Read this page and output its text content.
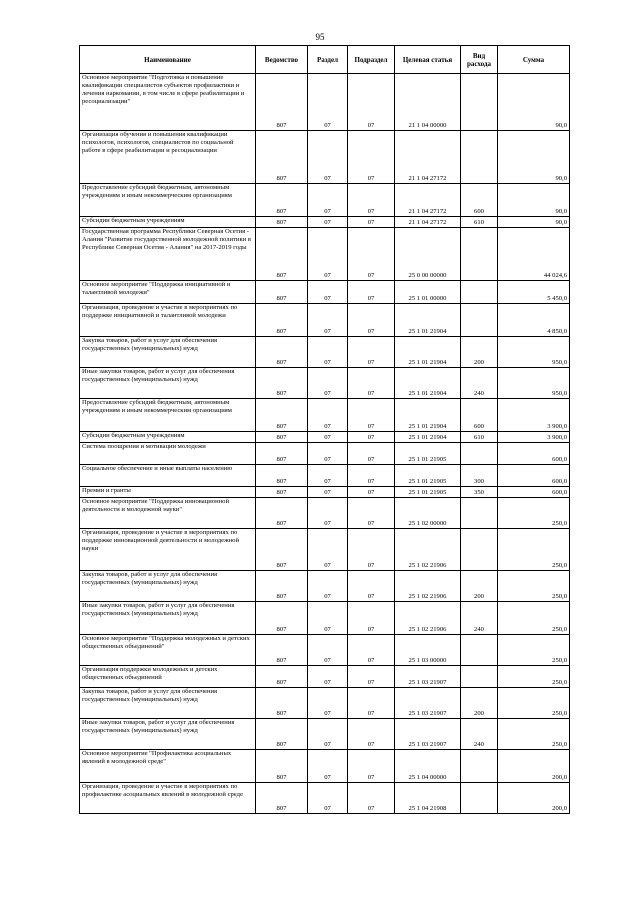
95
Наименование	Ведомство	Раздел	Подраздел	Целевая статья	Вид расхода	Сумма
Основное мероприятие "Подготовка и повышение квалификации специалистов субъектов профилактики и лечения наркомании, в том числе в сфере реабилитации и ресоциализации"	807	07	07	21 1 04 00000		90,0
Организация обучения и повышения квалификации психологов, психологов, специалистов по социальной работе в сфере реабилитации и ресоциализации	807	07	07	21 1 04 27172		90,0
Предоставление субсидий бюджетным, автономным учреждениям и иным некоммерческим организациям	807	07	07	21 1 04 27172	600	90,0
Субсидии бюджетным учреждениям	807	07	07	21 1 04 27172	610	90,0
Государственная программа Республики Северная Осетия - Алания "Развитие государственной молодежной политики в Республике Северная Осетия - Алания" на 2017-2019 годы	807	07	07	25 0 00 00000		44 024,6
Основное мероприятие "Поддержка инициативной и талантливой молодежи"	807	07	07	25 1 01 00000		5 450,0
Организация, проведение и участие в мероприятиях по поддержке инициативной и талантливой молодежи	807	07	07	25 1 01 21904		4 850,0
Закупка товаров, работ и услуг для обеспечения государственных (муниципальных) нужд	807	07	07	25 1 01 21904	200	950,0
Иные закупки товаров, работ и услуг для обеспечения государственных (муниципальных) нужд	807	07	07	25 1 01 21904	240	950,0
Предоставление субсидий бюджетным, автономным учреждениям и иным некоммерческим организациям	807	07	07	25 1 01 21904	600	3 900,0
Субсидии бюджетным учреждениям	807	07	07	25 1 01 21904	610	3 900,0
Система поощрения и мотивации молодежи	807	07	07	25 1 01 21905		600,0
Социальное обеспечение и иные выплаты населению	807	07	07	25 1 01 21905	300	600,0
Премии и гранты	807	07	07	25 1 01 21905	350	600,0
Основное мероприятие "Поддержка инновационной деятельности и молодежной науки"	807	07	07	25 1 02 00000		250,0
Организация, проведение и участие в мероприятиях по поддержке инновационной деятельности и молодежной науки	807	07	07	25 1 02 21906		250,0
Закупка товаров, работ и услуг для обеспечения государственных (муниципальных) нужд	807	07	07	25 1 02 21906	200	250,0
Иные закупки товаров, работ и услуг для обеспечения государственных (муниципальных) нужд	807	07	07	25 1 02 21906	240	250,0
Основное мероприятие "Поддержка молодежных и детских общественных объединений"	807	07	07	25 1 03 00000		250,0
Организация поддержки молодежных и детских общественных объединений	807	07	07	25 1 03 21907		250,0
Закупка товаров, работ и услуг для обеспечения государственных (муниципальных) нужд	807	07	07	25 1 03 21907	200	250,0
Иные закупки товаров, работ и услуг для обеспечения государственных (муниципальных) нужд	807	07	07	25 1 03 21907	240	250,0
Основное мероприятие "Профилактика асоциальных явлений в молодежной среде"	807	07	07	25 1 04 00000		200,0
Организация, проведение и участие в мероприятиях по профилактике асоциальных явлений в молодежной среде	807	07	07	25 1 04 21908		200,0
